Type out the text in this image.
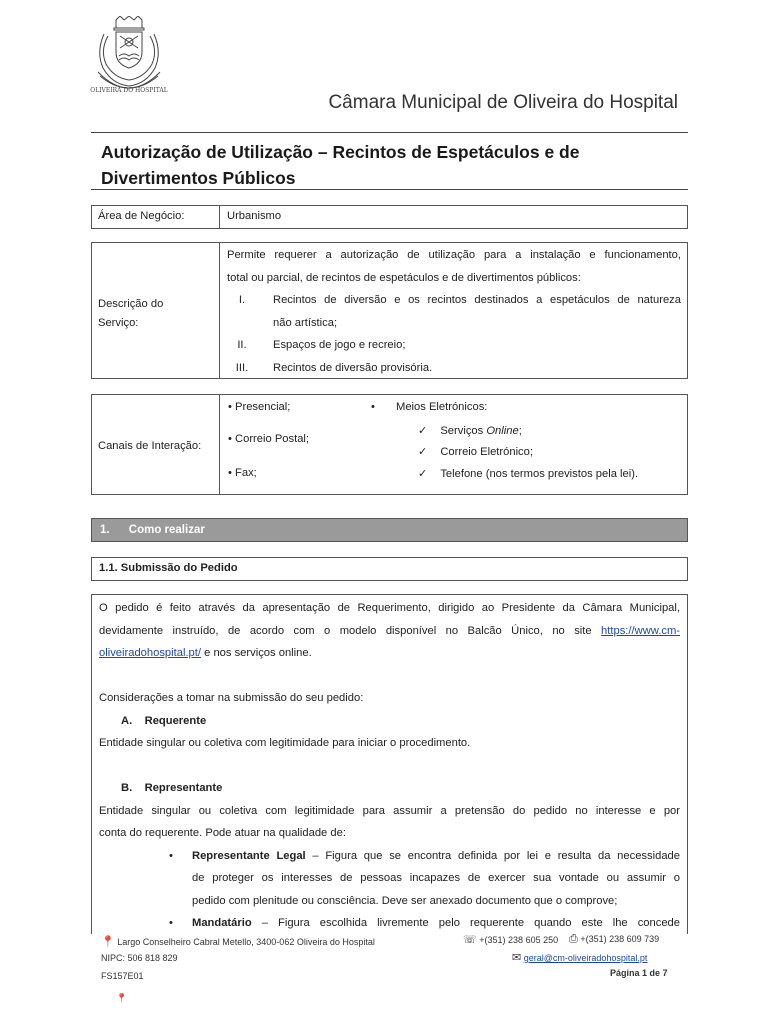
OLIVEIRA DO HOSPITAL
Câmara Municipal de Oliveira do Hospital
Autorização de Utilização – Recintos de Espetáculos e de
Divertimentos Públicos
Área de Negócio:	Urbanismo
Descrição do
Serviço:
Permite requerer a autorização de utilização para a instalação e funcionamento,
total ou parcial, de recintos de espetáculos e de divertimentos públicos:
I.	Recintos de diversão e os recintos destinados a espetáculos de natureza
não artística;
II.	Espaços de jogo e recreio;
III.	Recintos de diversão provisória.
Canais de Interação:
• Presencial;
• Correio Postal;
• Fax;
• Meios Eletrónicos:
✓ Serviços Online;
✓ Correio Eletrónico;
✓ Telefone (nos termos previstos pela lei).
1.      Como realizar
1.1. Submissão do Pedido
O pedido é feito através da apresentação de Requerimento, dirigido ao Presidente da Câmara Municipal,
devidamente instruído, de acordo com o modelo disponível no Balcão Único, no site https://www.cm-
oliveiradohospital.pt/ e nos serviços online.
Considerações a tomar na submissão do seu pedido:
A.    Requerente
Entidade singular ou coletiva com legitimidade para iniciar o procedimento.
B.    Representante
Entidade singular ou coletiva com legitimidade para assumir a pretensão do pedido no interesse e por
conta do requerente. Pode atuar na qualidade de:
• Representante Legal – Figura que se encontra definida por lei e resulta da necessidade
de proteger os interesses de pessoas incapazes de exercer sua vontade ou assumir o
pedido com plenitude ou consciência. Deve ser anexado documento que o comprove;
• Mandatário – Figura escolhida livremente pelo requerente quando este lhe concede
📍 Largo Conselheiro Cabral Metello, 3400-062 Oliveira do Hospital
NIPC: 506 818 829
FS157E01
☏ +(351) 238 605 250 ⎙ +(351) 238 609 739
✉ geral@cm-oliveiradohospital.pt
Página 1 de 7
📍
